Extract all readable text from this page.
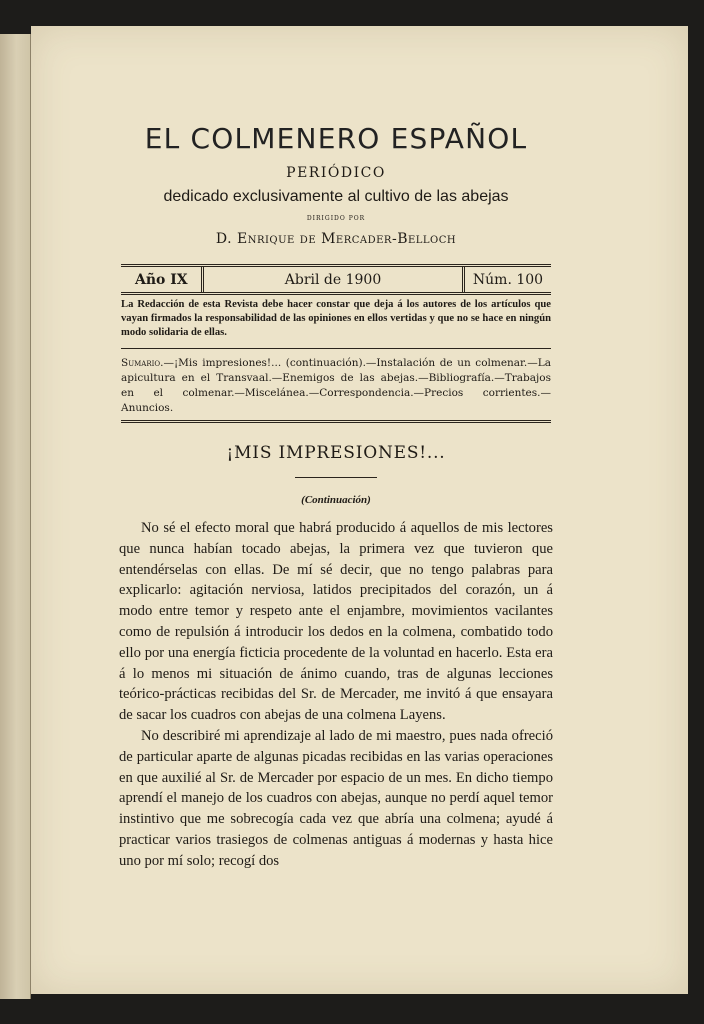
EL COLMENERO ESPAÑOL
PERIÓDICO
dedicado exclusivamente al cultivo de las abejas
DIRIGIDO POR
D. Enrique de Mercader-Belloch
Año IX	Abril de 1900	Núm. 100
La Redacción de esta Revista debe hacer constar que deja á los autores de los artículos que vayan firmados la responsabilidad de las opiniones en ellos vertidas y que no se hace en ningún modo solidaria de ellas.
Sumario.—¡Mis impresiones!... (continuación).—Instalación de un colmenar.—La apicultura en el Transvaal.—Enemigos de las abejas.—Bibliografía.—Trabajos en el colmenar.—Miscelánea.—Correspondencia.—Precios corrientes.—Anuncios.
¡MIS IMPRESIONES!...
(Continuación)

No sé el efecto moral que habrá producido á aquellos de mis lectores que nunca habían tocado abejas, la primera vez que tuvieron que entendérselas con ellas. De mí sé decir, que no tengo palabras para explicarlo: agitación nerviosa, latidos precipitados del corazón, un á modo entre temor y respeto ante el enjambre, movimientos vacilantes como de repulsión á introducir los dedos en la colmena, combatido todo ello por una energía ficticia procedente de la voluntad en hacerlo. Esta era á lo menos mi situación de ánimo cuando, tras de algunas lecciones teórico-prácticas recibidas del Sr. de Mercader, me invitó á que ensayara de sacar los cuadros con abejas de una colmena Layens.

No describiré mi aprendizaje al lado de mi maestro, pues nada ofreció de particular aparte de algunas picadas recibidas en las varias operaciones en que auxilié al Sr. de Mercader por espacio de un mes. En dicho tiempo aprendí el manejo de los cuadros con abejas, aunque no perdí aquel temor instintivo que me sobrecogía cada vez que abría una colmena; ayudé á practicar varios trasiegos de colmenas antiguas á modernas y hasta hice uno por mí solo; recogí dos
